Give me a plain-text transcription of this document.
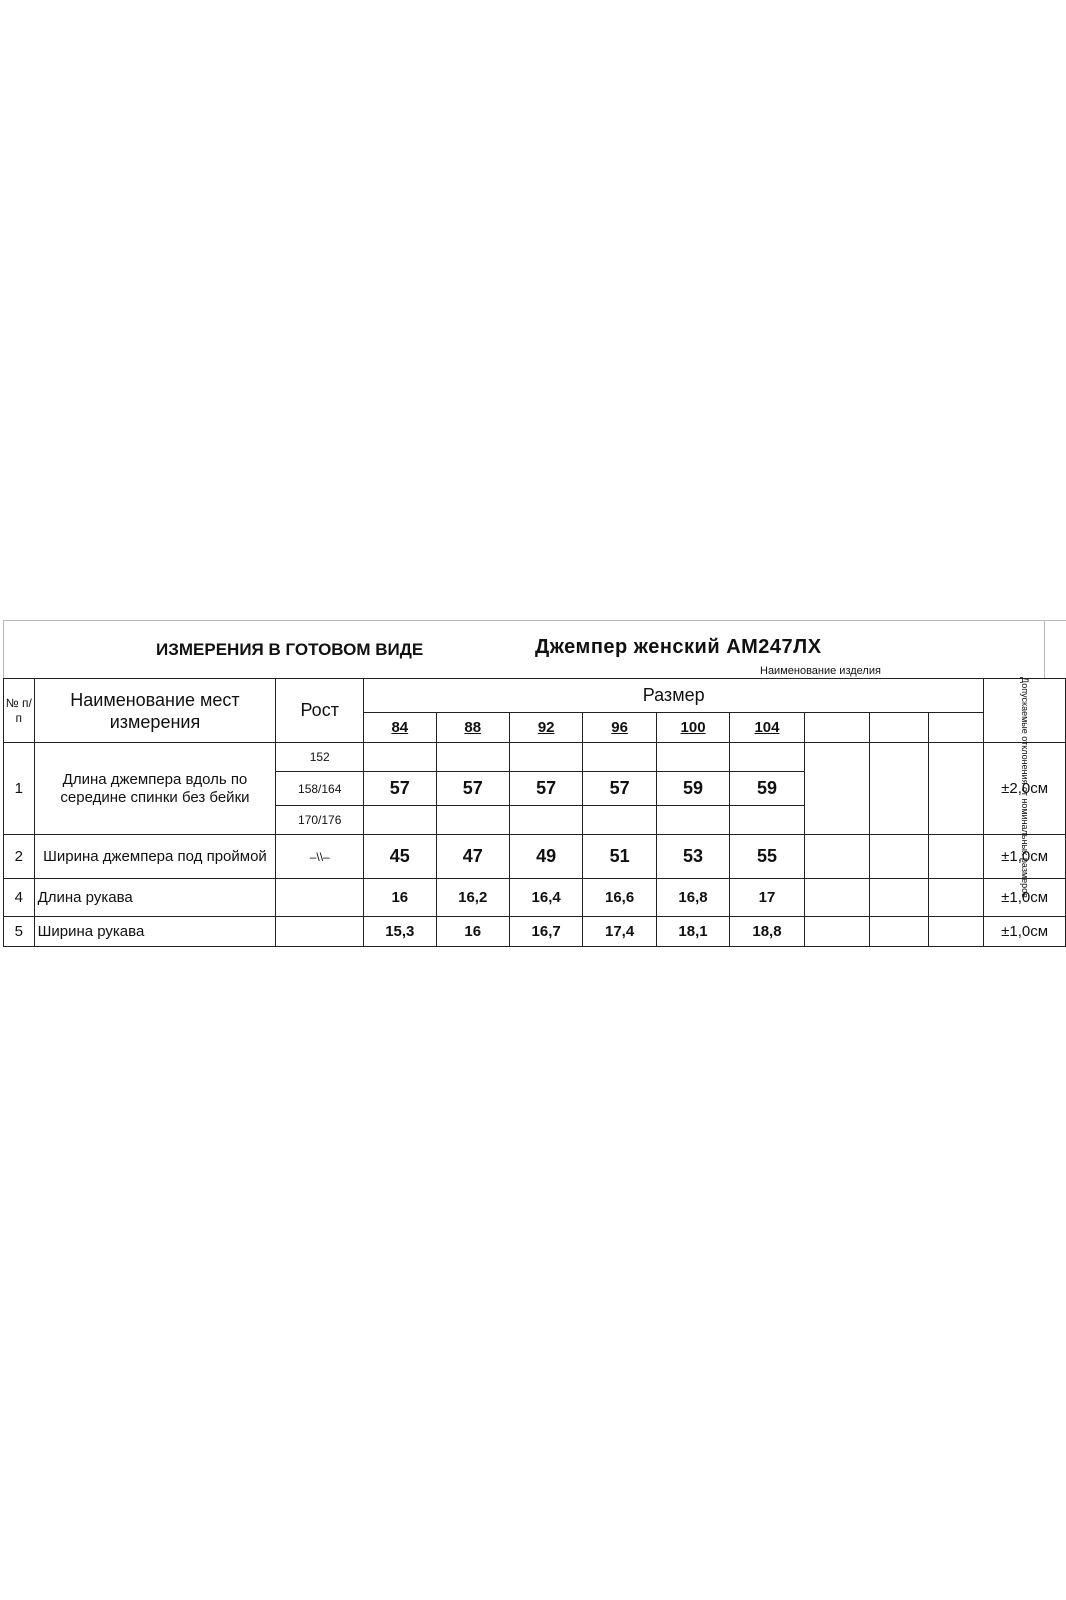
ИЗМЕРЕНИЯ В ГОТОВОМ ВИДЕ	Джемпер женский АМ247ЛХ
Наименование изделия
№ п/п	Наименование мест измерения	Рост	Размер									Допускаемые отклонения от номинальных размеров
			84	88	92	96	100	104				
1	Длина джемпера вдоль по середине спинки без бейки	152										±2,0см
		158/164	57	57	57	57	59	59				
		170/176										
2	Ширина джемпера под проймой	–\\–	45	47	49	51	53	55				±1,0см
4	Длина рукава		16	16,2	16,4	16,6	16,8	17				±1,0см
5	Ширина рукава		15,3	16	16,7	17,4	18,1	18,8				±1,0см
